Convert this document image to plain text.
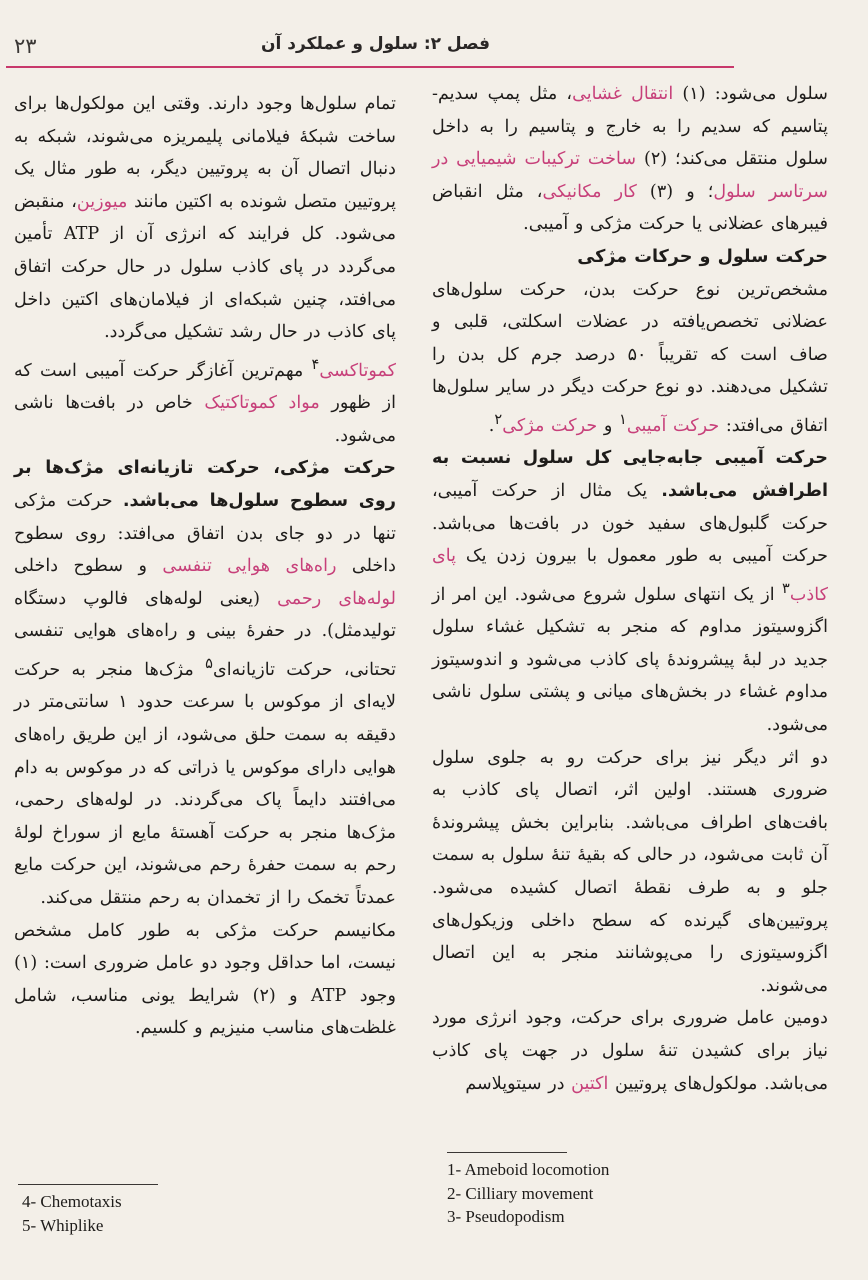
۲۳	فصل ۲: سلول و عملکرد آن

سلول می‌شود: (۱) انتقال غشایی، مثل پمپ سدیم-پتاسیم که سدیم را به خارج و پتاسیم را به داخل سلول منتقل می‌کند؛ (۲) ساخت ترکیبات شیمیایی در سرتاسر سلول؛ و (۳) کار مکانیکی، مثل انقباض فیبرهای عضلانی یا حرکت مژکی و آمیبی.

حرکت سلول و حرکات مژکی

مشخص‌ترین نوع حرکت بدن، حرکت سلول‌های عضلانی تخصص‌یافته در عضلات اسکلتی، قلبی و صاف است که تقریباً ۵۰ درصد جرم کل بدن را تشکیل می‌دهند. دو نوع حرکت دیگر در سایر سلول‌ها اتفاق می‌افتد: حرکت آمیبی$^۱$ و حرکت مژکی$^۲$.

حرکت آمیبی جابه‌جایی کل سلول نسبت به اطرافش می‌باشد. یک مثال از حرکت آمیبی، حرکت گلبول‌های سفید خون در بافت‌ها می‌باشد. حرکت آمیبی به طور معمول با بیرون زدن یک پای کاذب$^۳$ از یک انتهای سلول شروع می‌شود. این امر از اگزوسیتوز مداوم که منجر به تشکیل غشاء سلول جدید در لبهٔ پیشروندهٔ پای کاذب می‌شود و اندوسیتوز مداوم غشاء در بخش‌های میانی و پشتی سلول ناشی می‌شود.

دو اثر دیگر نیز برای حرکت رو به جلوی سلول ضروری هستند. اولین اثر، اتصال پای کاذب به بافت‌های اطراف می‌باشد. بنابراین بخش پیشروندهٔ آن ثابت می‌شود، در حالی که بقیهٔ تنهٔ سلول به سمت جلو و به طرف نقطهٔ اتصال کشیده می‌شود. پروتیین‌های گیرنده که سطح داخلی وزیکول‌های اگزوسیتوزی را می‌پوشانند منجر به این اتصال می‌شوند.

دومین عامل ضروری برای حرکت، وجود انرژی مورد نیاز برای کشیدن تنهٔ سلول در جهت پای کاذب می‌باشد. مولکول‌های پروتیین اکتین در سیتوپلاسم

تمام سلول‌ها وجود دارند. وقتی این مولکول‌ها برای ساخت شبکهٔ فیلامانی پلیمریزه می‌شوند، شبکه به دنبال اتصال آن به پروتیین دیگر، به طور مثال یک پروتیین متصل شونده به اکتین مانند میوزین، منقبض می‌شود. کل فرایند که انرژی آن از ATP تأمین می‌گردد در پای کاذب سلول در حال حرکت اتفاق می‌افتد، چنین شبکه‌ای از فیلامان‌های اکتین داخل پای کاذب در حال رشد تشکیل می‌گردد.

کموتاکسی$^۴$ مهم‌ترین آغازگر حرکت آمیبی است که از ظهور مواد کموتاکتیک خاص در بافت‌ها ناشی می‌شود.

حرکت مژکی، حرکت تازیانه‌ای مژک‌ها بر روی سطوح سلول‌ها می‌باشد. حرکت مژکی تنها در دو جای بدن اتفاق می‌افتد: روی سطوح داخلی راه‌های هوایی تنفسی و سطوح داخلی لوله‌های رحمی (یعنی لوله‌های فالوپ دستگاه تولیدمثل). در حفرهٔ بینی و راه‌های هوایی تنفسی تحتانی، حرکت تازیانه‌ای$^۵$ مژک‌ها منجر به حرکت لایه‌ای از موکوس با سرعت حدود ۱ سانتی‌متر در دقیقه به سمت حلق می‌شود، از این طریق راه‌های هوایی دارای موکوس یا ذراتی که در موکوس به دام می‌افتند دایماً پاک می‌گردند. در لوله‌های رحمی، مژک‌ها منجر به حرکت آهستهٔ مایع از سوراخ لولهٔ رحم به سمت حفرهٔ رحم می‌شوند، این حرکت مایع عمدتاً تخمک را از تخمدان به رحم منتقل می‌کند.

مکانیسم حرکت مژکی به طور کامل مشخص نیست، اما حداقل وجود دو عامل ضروری است: (۱) وجود ATP و (۲) شرایط یونی مناسب، شامل غلظت‌های مناسب منیزیم و کلسیم.

1- Ameboid locomotion
2- Cilliary movement
3- Pseudopodism
4- Chemotaxis
5- Whiplike
